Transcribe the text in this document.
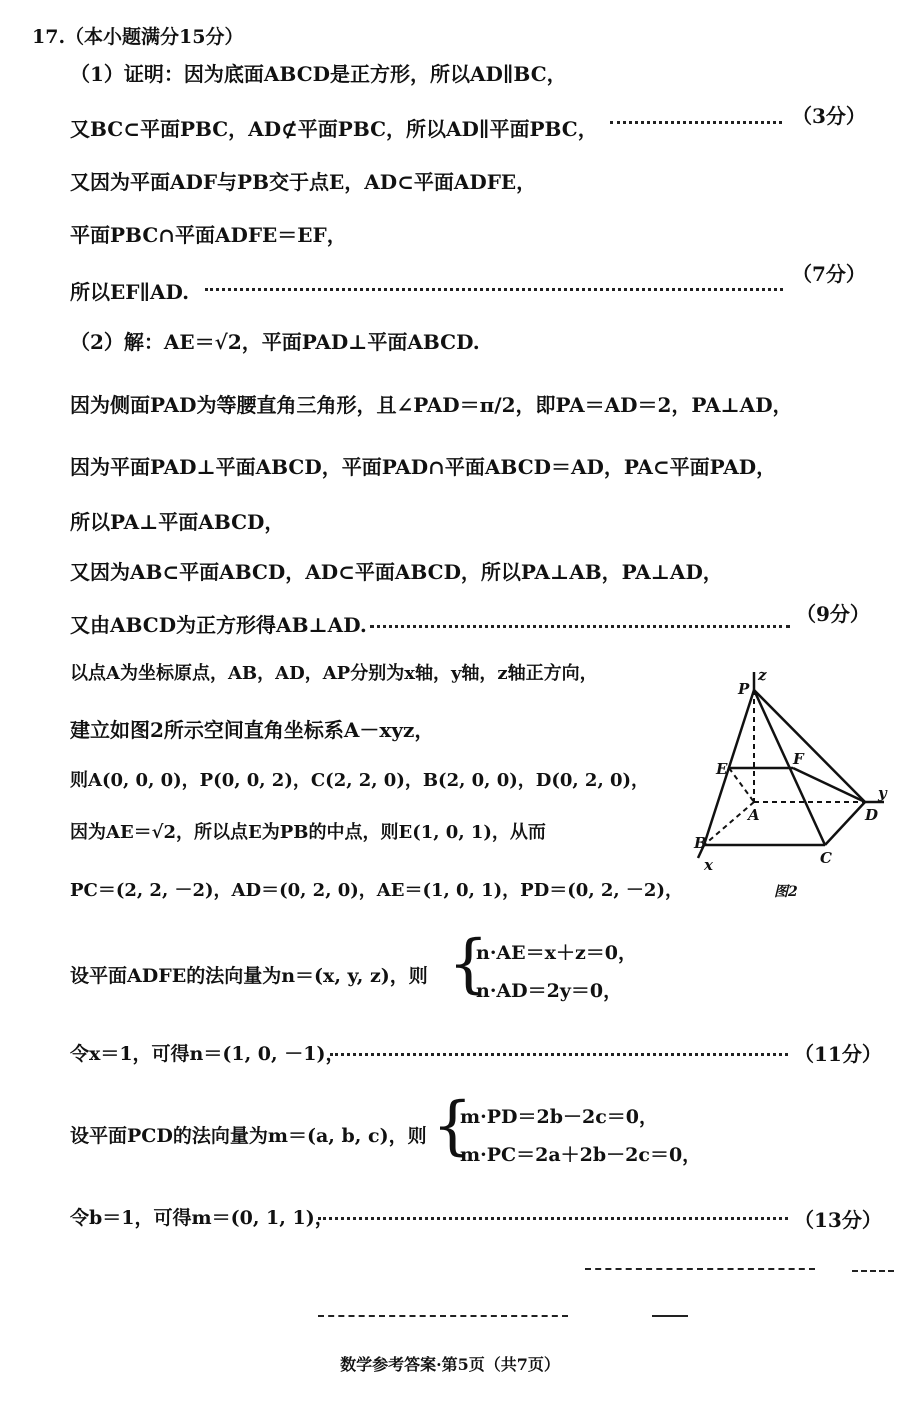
17.（本小题满分15分）
（1）证明：因为底面ABCD是正方形，所以AD∥BC，
又BC⊂平面PBC，AD⊄平面PBC，所以AD∥平面PBC，
（3分）
又因为平面ADF与PB交于点E，AD⊂平面ADFE，
平面PBC∩平面ADFE＝EF，
所以EF∥AD.
（7分）
（2）解：AE＝√2，平面PAD⊥平面ABCD.
因为侧面PAD为等腰直角三角形，且∠PAD＝π/2，即PA＝AD＝2，PA⊥AD，
因为平面PAD⊥平面ABCD，平面PAD∩平面ABCD＝AD，PA⊂平面PAD，
所以PA⊥平面ABCD，
又因为AB⊂平面ABCD，AD⊂平面ABCD，所以PA⊥AB，PA⊥AD，
又由ABCD为正方形得AB⊥AD.	（9分）
以点A为坐标原点，AB，AD，AP分别为x轴，y轴，z轴正方向，
建立如图2所示空间直角坐标系A－xyz，
则A(0, 0, 0)，P(0, 0, 2)，C(2, 2, 0)，B(2, 0, 0)，D(0, 2, 0)，
因为AE＝√2，所以点E为PB的中点，则E(1, 0, 1)，从而
PC＝(2, 2, －2)，AD＝(0, 2, 0)，AE＝(1, 0, 1)，PD＝(0, 2, －2)，
设平面ADFE的法向量为n＝(x, y, z)，则 {
n·AE＝x＋z＝0，
n·AD＝2y＝0，
令x＝1，可得n＝(1, 0, －1)，	（11分）
设平面PCD的法向量为m＝(a, b, c)，则 {
m·PD＝2b－2c＝0，
m·PC＝2a＋2b－2c＝0，
令b＝1，可得m＝(0, 1, 1)，	（13分）
P
z
F
E
A	D
y
B
x	C
图2
数学参考答案·第5页（共7页）
